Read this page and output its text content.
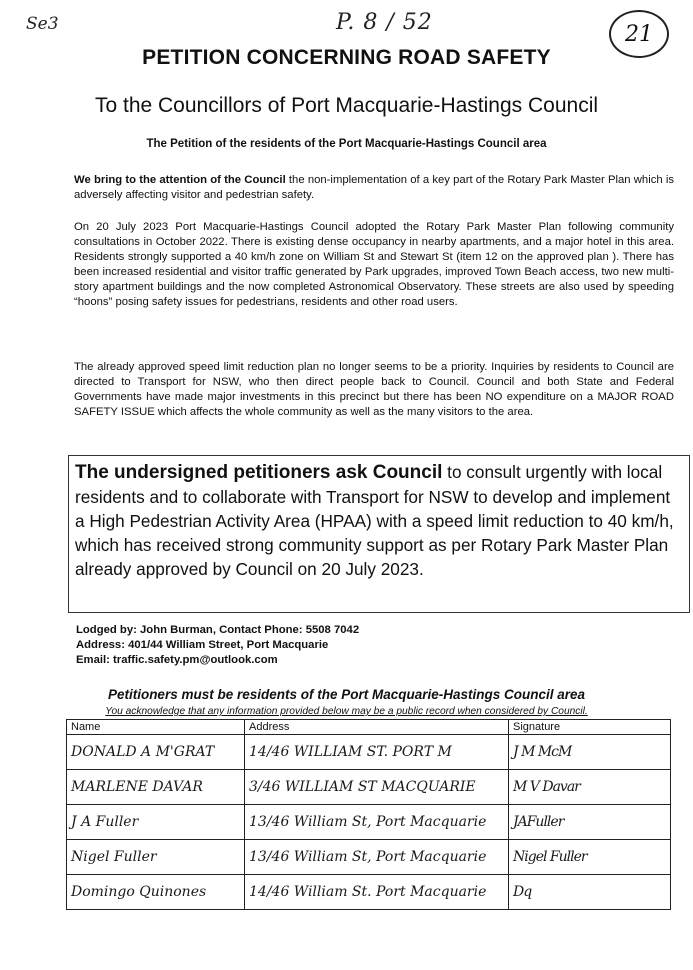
Se3	P. 8 / 52	21
PETITION CONCERNING ROAD SAFETY
To the Councillors of Port Macquarie-Hastings Council
The Petition of the residents of the Port Macquarie-Hastings Council area
We bring to the attention of the Council the non-implementation of a key part of the Rotary Park Master Plan which is adversely affecting visitor and pedestrian safety.
On 20 July 2023 Port Macquarie-Hastings Council adopted the Rotary Park Master Plan following community consultations in October 2022. There is existing dense occupancy in nearby apartments, and a major hotel in this area. Residents strongly supported a 40 km/h zone on William St and Stewart St (item 12 on the approved plan ). There has been increased residential and visitor traffic generated by Park upgrades, improved Town Beach access, two new multi-story apartment buildings and the now completed Astronomical Observatory. These streets are also used by speeding “hoons” posing safety issues for pedestrians, residents and other road users.
The already approved speed limit reduction plan no longer seems to be a priority. Inquiries by residents to Council are directed to Transport for NSW, who then direct people back to Council. Council and both State and Federal Governments have made major investments in this precinct but there has been NO expenditure on a MAJOR ROAD SAFETY ISSUE which affects the whole community as well as the many visitors to the area.
The undersigned petitioners ask Council to consult urgently with local residents and to collaborate with Transport for NSW to develop and implement a High Pedestrian Activity Area (HPAA) with a speed limit reduction to 40 km/h, which has received strong community support as per Rotary Park Master Plan already approved by Council on 20 July 2023.
Lodged by: John Burman, Contact Phone: 5508 7042
Address: 401/44 William Street, Port Macquarie
Email: traffic.safety.pm@outlook.com
Petitioners must be residents of the Port Macquarie-Hastings Council area
You acknowledge that any information provided below may be a public record when considered by Council.
Name	Address	Signature
DONALD A M'GRAT	14/46 WILLIAM ST. PORT M	J M McM
MARLENE DAVAR	3/46 WILLIAM ST MACQUARIE	M V Davar
J A Fuller	13/46 William St, Port Macquarie	JAFuller
Nigel Fuller	13/46 William St, Port Macquarie	Nigel Fuller
Domingo Quinones	14/46 William St. Port Macquarie	Dq
